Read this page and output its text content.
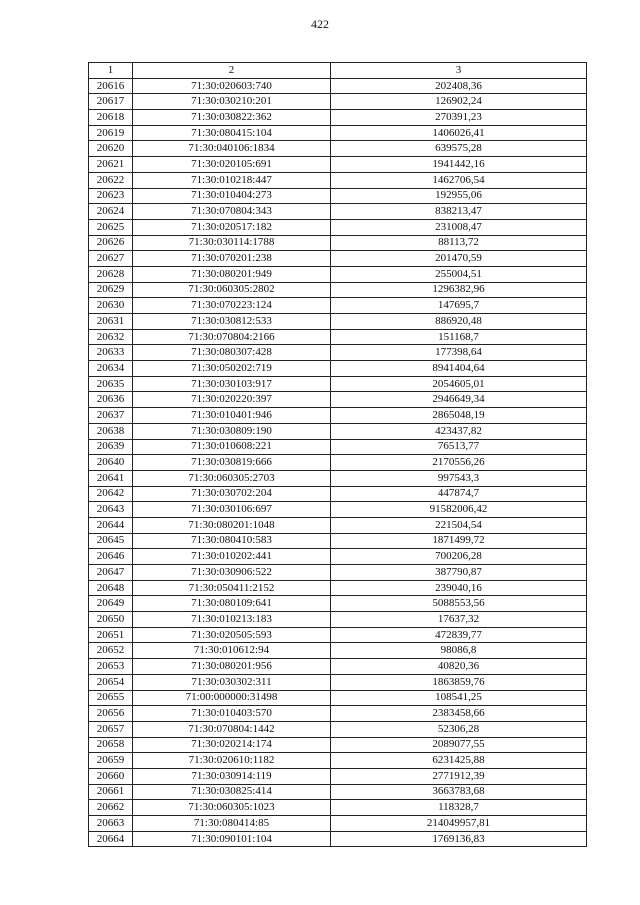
422
1	2	3
20616	71:30:020603:740	202408,36
20617	71:30:030210:201	126902,24
20618	71:30:030822:362	270391,23
20619	71:30:080415:104	1406026,41
20620	71:30:040106:1834	639575,28
20621	71:30:020105:691	1941442,16
20622	71:30:010218:447	1462706,54
20623	71:30:010404:273	192955,06
20624	71:30:070804:343	838213,47
20625	71:30:020517:182	231008,47
20626	71:30:030114:1788	88113,72
20627	71:30:070201:238	201470,59
20628	71:30:080201:949	255004,51
20629	71:30:060305:2802	1296382,96
20630	71:30:070223:124	147695,7
20631	71:30:030812:533	886920,48
20632	71:30:070804:2166	151168,7
20633	71:30:080307:428	177398,64
20634	71:30:050202:719	8941404,64
20635	71:30:030103:917	2054605,01
20636	71:30:020220:397	2946649,34
20637	71:30:010401:946	2865048,19
20638	71:30:030809:190	423437,82
20639	71:30:010608:221	76513,77
20640	71:30:030819:666	2170556,26
20641	71:30:060305:2703	997543,3
20642	71:30:030702:204	447874,7
20643	71:30:030106:697	91582006,42
20644	71:30:080201:1048	221504,54
20645	71:30:080410:583	1871499,72
20646	71:30:010202:441	700206,28
20647	71:30:030906:522	387790,87
20648	71:30:050411:2152	239040,16
20649	71:30:080109:641	5088553,56
20650	71:30:010213:183	17637,32
20651	71:30:020505:593	472839,77
20652	71:30:010612:94	98086,8
20653	71:30:080201:956	40820,36
20654	71:30:030302:311	1863859,76
20655	71:00:000000:31498	108541,25
20656	71:30:010403:570	2383458,66
20657	71:30:070804:1442	52306,28
20658	71:30:020214:174	2089077,55
20659	71:30:020610:1182	6231425,88
20660	71:30:030914:119	2771912,39
20661	71:30:030825:414	3663783,68
20662	71:30:060305:1023	118328,7
20663	71:30:080414:85	214049957,81
20664	71:30:090101:104	1769136,83
